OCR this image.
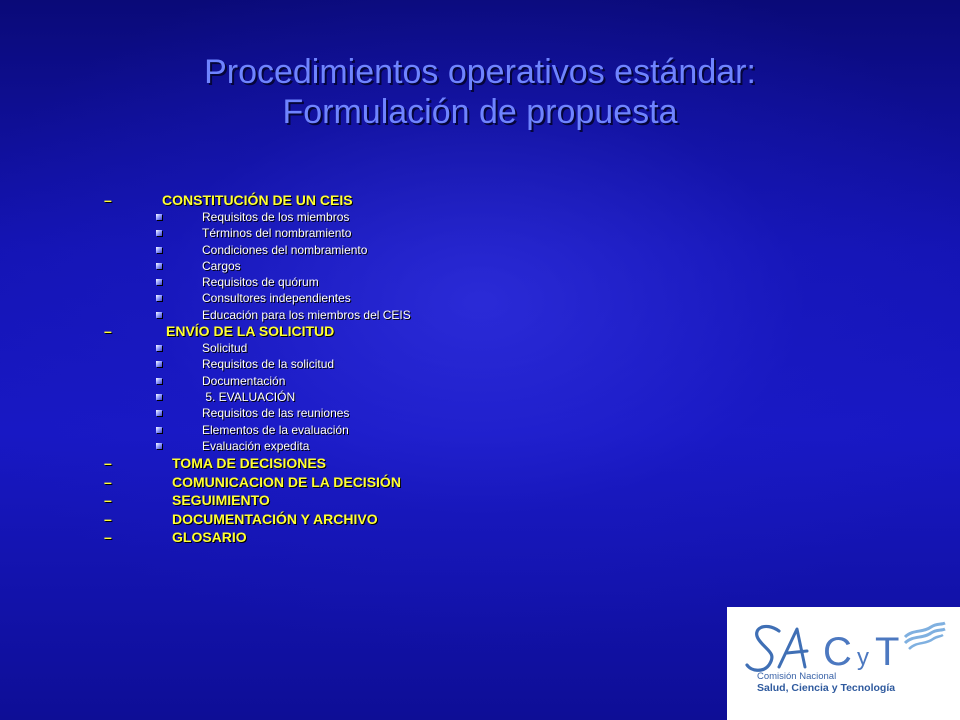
Procedimientos operativos estándar:
Formulación de propuesta
–	CONSTITUCIÓN DE UN CEIS
Requisitos de los miembros
Términos del nombramiento
Condiciones del nombramiento
Cargos
Requisitos de quórum
Consultores independientes
Educación para los miembros del CEIS
–	ENVÍO DE LA SOLICITUD
Solicitud
Requisitos de la solicitud
Documentación
5. EVALUACIÓN
Requisitos de las reuniones
Elementos de la evaluación
Evaluación expedita
–	TOMA DE DECISIONES
–	COMUNICACION DE LA DECISIÓN
–	SEGUIMIENTO
–	DOCUMENTACIÓN Y ARCHIVO
–	GLOSARIO
C y T
Comisión Nacional
Salud, Ciencia y Tecnología
